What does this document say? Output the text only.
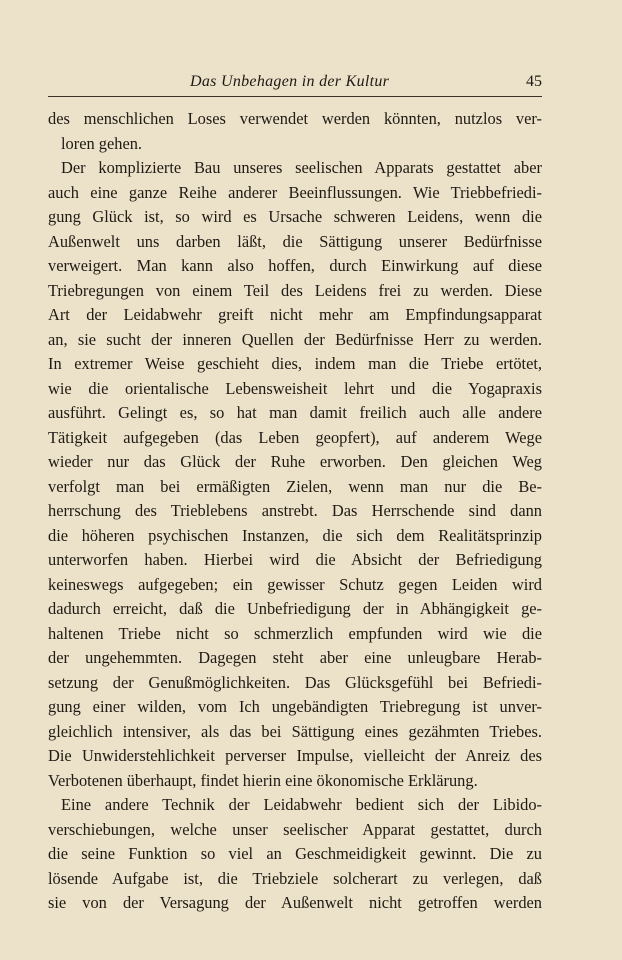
Das Unbehagen in der Kultur	45

des menschlichen Loses verwendet werden könnten, nutzlos ver-

loren gehen.

Der komplizierte Bau unseres seelischen Apparats gestattet aber

auch eine ganze Reihe anderer Beeinflussungen. Wie Triebbefriedi-

gung Glück ist, so wird es Ursache schweren Leidens, wenn die

Außenwelt uns darben läßt, die Sättigung unserer Bedürfnisse

verweigert. Man kann also hoffen, durch Einwirkung auf diese

Triebregungen von einem Teil des Leidens frei zu werden. Diese

Art der Leidabwehr greift nicht mehr am Empfindungsapparat

an, sie sucht der inneren Quellen der Bedürfnisse Herr zu werden.

In extremer Weise geschieht dies, indem man die Triebe ertötet,

wie die orientalische Lebensweisheit lehrt und die Yogapraxis

ausführt. Gelingt es, so hat man damit freilich auch alle andere

Tätigkeit aufgegeben (das Leben geopfert), auf anderem Wege

wieder nur das Glück der Ruhe erworben. Den gleichen Weg

verfolgt man bei ermäßigten Zielen, wenn man nur die Be-

herrschung des Trieblebens anstrebt. Das Herrschende sind dann

die höheren psychischen Instanzen, die sich dem Realitätsprinzip

unterworfen haben. Hierbei wird die Absicht der Befriedigung

keineswegs aufgegeben; ein gewisser Schutz gegen Leiden wird

dadurch erreicht, daß die Unbefriedigung der in Abhängigkeit ge-

haltenen Triebe nicht so schmerzlich empfunden wird wie die

der ungehemmten. Dagegen steht aber eine unleugbare Herab-

setzung der Genußmöglichkeiten. Das Glücksgefühl bei Befriedi-

gung einer wilden, vom Ich ungebändigten Triebregung ist unver-

gleichlich intensiver, als das bei Sättigung eines gezähmten Triebes.

Die Unwiderstehlichkeit perverser Impulse, vielleicht der Anreiz des

Verbotenen überhaupt, findet hierin eine ökonomische Erklärung.

Eine andere Technik der Leidabwehr bedient sich der Libido-

verschiebungen, welche unser seelischer Apparat gestattet, durch

die seine Funktion so viel an Geschmeidigkeit gewinnt. Die zu

lösende Aufgabe ist, die Triebziele solcherart zu verlegen, daß

sie von der Versagung der Außenwelt nicht getroffen werden
